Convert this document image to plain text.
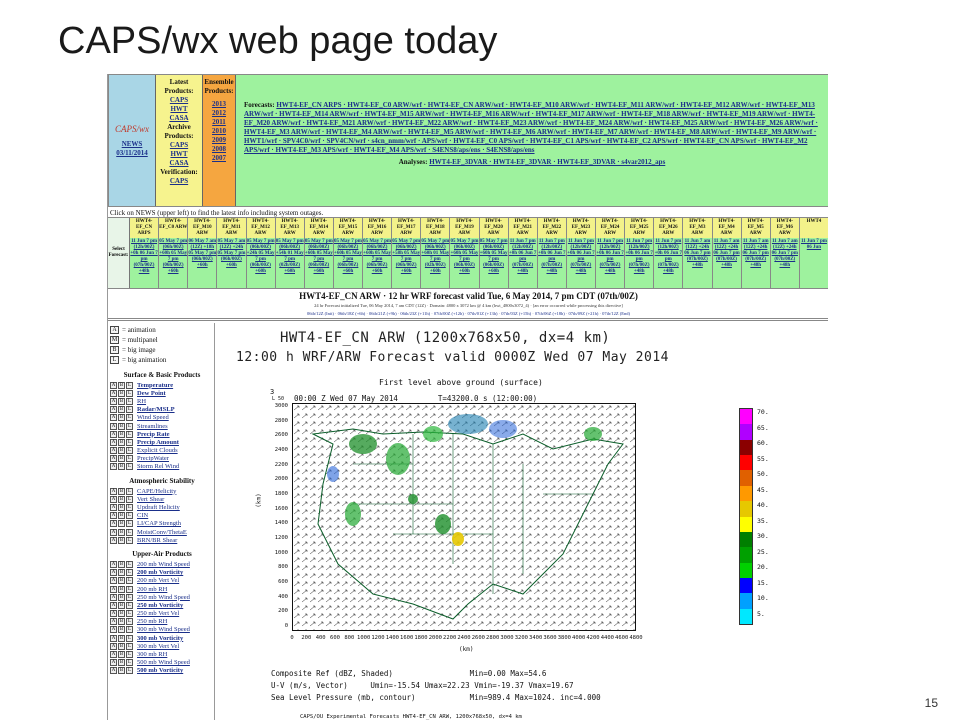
CAPS/wx web page today
15
CAPS/wx
NEWS
03/11/2014
Latest Products:
CAPS
HWT
CASA
Archive Products:
CAPS
HWT
CASA
Verification:
CAPS
Ensemble Products:
2013
2012
2011
2010
2009
2008
2007
Forecasts: HWT4-EF_CN ARPS · HWT4-EF_C0 ARW/wrf · HWT4-EF_CN ARW/wrf · HWT4-EF_M10 ARW/wrf · HWT4-EF_M11 ARW/wrf · HWT4-EF_M12 ARW/wrf · HWT4-EF_M13 ARW/wrf · HWT4-EF_M14 ARW/wrf · HWT4-EF_M15 ARW/wrf · HWT4-EF_M16 ARW/wrf · HWT4-EF_M17 ARW/wrf · HWT4-EF_M18 ARW/wrf · HWT4-EF_M19 ARW/wrf · HWT4-EF_M20 ARW/wrf · HWT4-EF_M21 ARW/wrf · HWT4-EF_M22 ARW/wrf · HWT4-EF_M23 ARW/wrf · HWT4-EF_M24 ARW/wrf · HWT4-EF_M25 ARW/wrf · HWT4-EF_M26 ARW/wrf · HWT4-EF_M3 ARW/wrf · HWT4-EF_M4 ARW/wrf · HWT4-EF_M5 ARW/wrf · HWT4-EF_M6 ARW/wrf · HWT4-EF_M7 ARW/wrf · HWT4-EF_M8 ARW/wrf · HWT4-EF_M9 ARW/wrf · HWT1/wrf · SPV4C0/wrf · SPV4CN/wrf · s4cn_nmm/wrf · APS/wrf · HWT4-EF_C0 APS/wrf · HWT4-EF_C1 APS/wrf · HWT4-EF_C2 APS/wrf · HWT4-EF_CN APS/wrf · HWT4-EF_M2 APS/wrf · HWT4-EF_M3 APS/wrf · HWT4-EF_M4 APS/wrf · S4ENS8/aps/ens · S4ENS8/aps/ens
Analyses: HWT4-EF_3DVAR · HWT4-EF_3DVAR · HWT4-EF_3DVAR · s4var2012_aps
Click on NEWS (upper left) to find the latest info including system outages.
Select Forecast:
HWT4-EF_CN ARPS
11 Jun 7 pm (12h/00Z) +0h 06 Jun 7 pm (07h/00Z) +48h
HWT4-EF_C0 ARW
05 May 7 pm (06h/00Z) +60h 05 May 7 pm (06h/00Z) +60h
HWT4-EF_M10 ARW
06 May 7 am (12Z) +18h 05 May 7 pm (06h/00Z) +60h
HWT4-EF_M11 ARW
05 May 7 am (12Z) +24h 05 May 7 pm (06h/00Z) +60h
HWT4-EF_M12 ARW
05 May 7 pm (06h/00Z) +24h 05 May 7 pm (06h/00Z) +60h
HWT4-EF_M13 ARW
05 May 7 pm (06h/00Z) +54h 01 May 7 pm (02h/00Z) +60h
HWT4-EF_M14 ARW
05 May 7 pm (06h/00Z) +60h 05 May 7 pm (06h/00Z) +60h
HWT4-EF_M15 ARW
05 May 7 pm (06h/00Z) +60h 05 May 7 pm (06h/00Z) +60h
HWT4-EF_M16 ARW
05 May 7 pm (06h/00Z) +60h 05 May 7 pm (06h/00Z) +60h
HWT4-EF_M17 ARW
05 May 7 pm (06h/00Z) +58h 05 May 7 pm (06h/00Z) +60h
HWT4-EF_M18 ARW
05 May 7 pm (06h/00Z) +60h 01 May 7 pm (02h/00Z) +60h
HWT4-EF_M19 ARW
05 May 7 pm (06h/00Z) +60h 05 May 7 pm (06h/00Z) +60h
HWT4-EF_M20 ARW
05 May 7 pm (06h/00Z) +60h 05 May 7 pm (06h/00Z) +60h
HWT4-EF_M21 ARW
11 Jun 7 pm (12h/00Z) +0h 06 Jun 7 pm (07h/00Z) +48h
HWT4-EF_M22 ARW
11 Jun 7 pm (12h/00Z) +0h 06 Jun 7 pm (07h/00Z) +48h
HWT4-EF_M23 ARW
11 Jun 7 pm (12h/00Z) +0h 06 Jun 7 pm (07h/00Z) +48h
HWT4-EF_M24 ARW
11 Jun 7 pm (12h/00Z) +0h 06 Jun 7 pm (07h/00Z) +48h
HWT4-EF_M25 ARW
11 Jun 7 pm (12h/00Z) +0h 06 Jun 7 pm (07h/00Z) +48h
HWT4-EF_M26 ARW
11 Jun 7 pm (12h/00Z) +0h 06 Jun 7 pm (07h/00Z) +48h
HWT4-EF_M3 ARW
11 Jun 7 am (12Z) +24h 06 Jun 7 pm (07h/00Z) +48h
HWT4-EF_M4 ARW
11 Jun 7 am (12Z) +24h 06 Jun 7 pm (07h/00Z) +48h
HWT4-EF_M5 ARW
11 Jun 7 am (12Z) +24h 06 Jun 7 pm (07h/00Z) +48h
HWT4-EF_M6 ARW
11 Jun 7 am (12Z) +24h 06 Jun 7 pm (07h/00Z) +48h
HWT4
11 Jun 7 pm 06 Jun
HWT4-EF_CN ARW · 12 hr WRF forecast valid Tue, 6 May 2014, 7 pm CDT (07th/00Z)
24 hr Forecast initialized Tue, 06 May 2014, 7 am CDT (12Z) · Domain: 4800 x 3072 km @ 4 km (hwt_4800x3072_4) · [an error occurred while processing this directive]
06th/12Z (Init) · 06th/18Z (+6h) · 06th/21Z (+9h) · 06th/23Z (+11h) · 07th/00Z (+12h) · 07th/01Z (+13h) · 07th/03Z (+15h) · 07th/06Z (+18h) · 07th/09Z (+21h) · 07th/12Z (End)
A = animation
M = multipanel
B = big image
L = big animation
Surface & Basic Products
A B L Temperature
A B L Dew Point
A B L RH
A B L Radar/MSLP
A B L Wind Speed
A B L Streamlines
A B L Precip Rate
A B L Precip Amount
A B L Explicit Clouds
A B L PrecipWater
A B L Storm Rel Wind
Atmospheric Stability
A B L CAPE/Helicity
A B L Vert Shear
A B L Updraft Helicity
A B L CIN
A B L LI/CAP Strength
A B L MoistConv/ThetaE
A B L BRN/BR Shear
Upper-Air Products
A B L 200 mb Wind Speed
A B L 200 mb Vorticity
A B L 200 mb Vert Vel
A B L 200 mb RH
A B L 250 mb Wind Speed
A B L 250 mb Vorticity
A B L 250 mb Vert Vel
A B L 250 mb RH
A B L 300 mb Wind Speed
A B L 300 mb Vorticity
A B L 300 mb Vert Vel
A B L 300 mb RH
A B L 500 mb Wind Speed
A B L 500 mb Vorticity
HWT4-EF_CN ARW (1200x768x50, dx=4 km)
12:00 h WRF/ARW Forecast valid 0000Z Wed 07 May 2014
First level above ground (surface)
00:00 Z Wed 07 May 2014	T=43200.0 s (12:00:00)
3
L 50
(km)
3000
2800
2600
2400
2200
2000
1800
1600
1400
1200
1000
800
600
400
200
0
0 200 400 600 800 1000 1200 1400 1600 1800 2000 2200 2400 2600 2800 3000 3200 3400 3600 3800 4000 4200 4400 4600 4800
(km)
70.
65.
60.
55.
50.
45.
40.
35.
30.
25.
20.
15.
10.
5.
Composite Ref (dBZ, Shaded)                 Min=0.00 Max=54.6
U-V (m/s, Vector)     Umin=-15.54 Umax=22.23 Vmin=-19.37 Vmax=19.67
Sea Level Pressure (mb, contour)            Min=989.4 Max=1024. inc=4.000
CAPS/OU Experimental Forecasts HWT4-EF_CN ARW, 1200x768x50, dx=4 km
